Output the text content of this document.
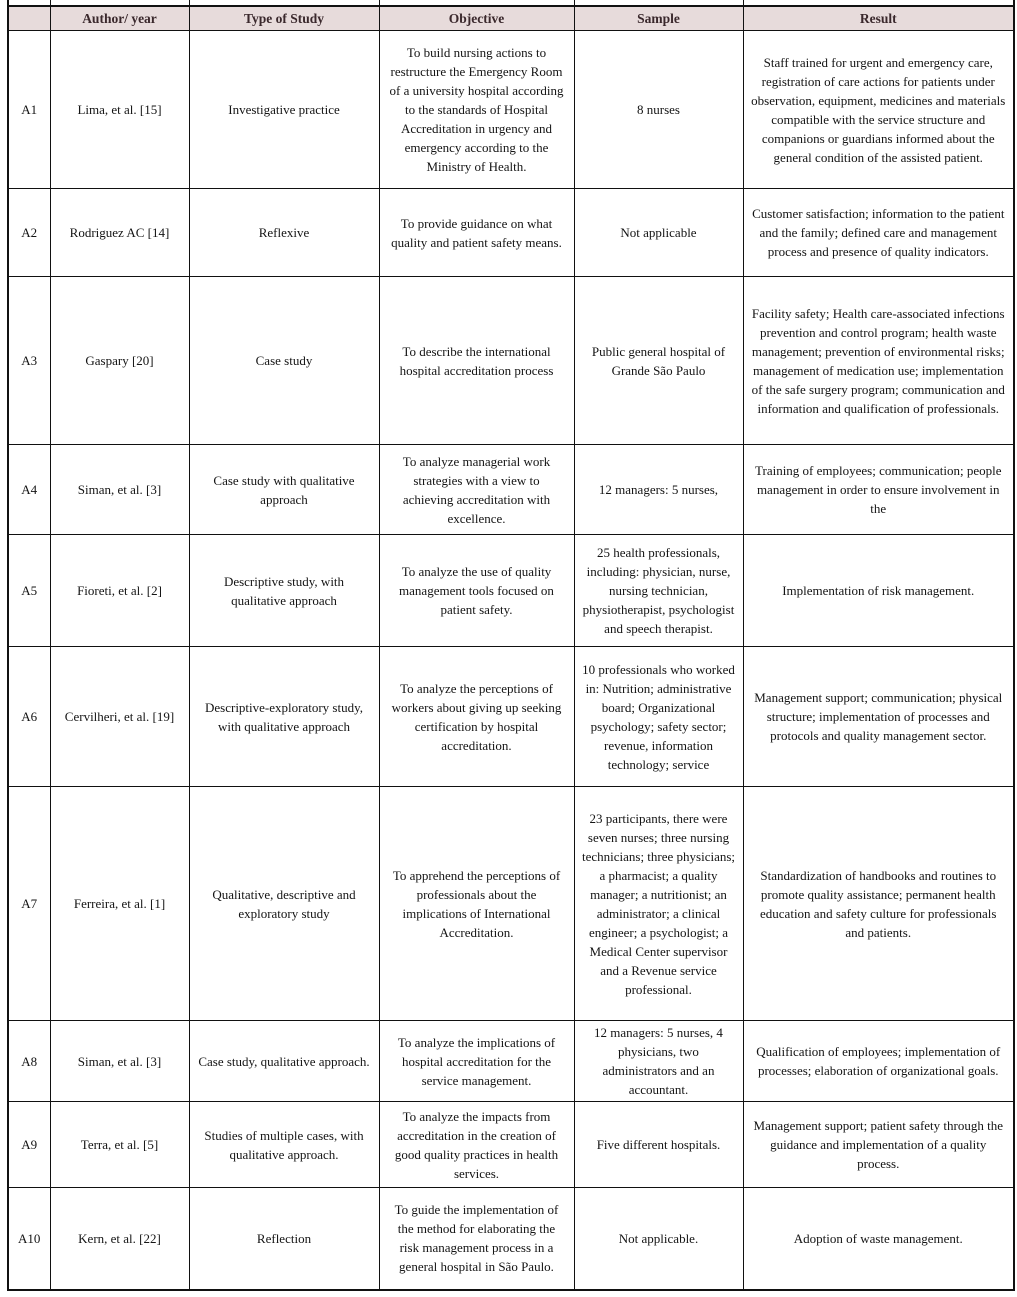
	Author/ year	Type of Study	Objective	Sample	Result
A1	Lima, et al. [15]	Investigative practice	To build nursing actions to restructure the Emergency Room of a university hospital according to the standards of Hospital Accreditation in urgency and emergency according to the Ministry of Health.	8 nurses	Staff trained for urgent and emergency care, registration of care actions for patients under observation, equipment, medicines and materials compatible with the service structure and companions or guardians informed about the general condition of the assisted patient.
A2	Rodriguez AC [14]	Reflexive	To provide guidance on what quality and patient safety means.	Not applicable	Customer satisfaction; information to the patient and the family; defined care and management process and presence of quality indicators.
A3	Gaspary [20]	Case study	To describe the international hospital accreditation process	Public general hospital of Grande São Paulo	Facility safety; Health care-associated infections prevention and control program; health waste management; prevention of environmental risks; management of medication use; implementation of the safe surgery program; communication and information and qualification of professionals.
A4	Siman, et al. [3]	Case study with qualitative approach	To analyze managerial work strategies with a view to achieving accreditation with excellence.	12 managers: 5 nurses,	Training of employees; communication; people management in order to ensure involvement in the
A5	Fioreti, et al. [2]	Descriptive study, with qualitative approach	To analyze the use of quality management tools focused on patient safety.	25 health professionals, including: physician, nurse, nursing technician, physiotherapist, psychologist and speech therapist.	Implementation of risk management.
A6	Cervilheri, et al. [19]	Descriptive-exploratory study, with qualitative approach	To analyze the perceptions of workers about giving up seeking certification by hospital accreditation.	10 professionals who worked in: Nutrition; administrative board; Organizational psychology; safety sector; revenue, information technology; service	Management support; communication; physical structure; implementation of processes and protocols and quality management sector.
A7	Ferreira, et al. [1]	Qualitative, descriptive and exploratory study	To apprehend the perceptions of professionals about the implications of International Accreditation.	23 participants, there were seven nurses; three nursing technicians; three physicians; a pharmacist; a quality manager; a nutritionist; an administrator; a clinical engineer; a psychologist; a Medical Center supervisor and a Revenue service professional.	Standardization of handbooks and routines to promote quality assistance; permanent health education and safety culture for professionals and patients.
A8	Siman, et al. [3]	Case study, qualitative approach.	To analyze the implications of hospital accreditation for the service management.	12 managers: 5 nurses, 4 physicians, two administrators and an accountant.	Qualification of employees; implementation of processes; elaboration of organizational goals.
A9	Terra, et al. [5]	Studies of multiple cases, with qualitative approach.	To analyze the impacts from accreditation in the creation of good quality practices in health services.	Five different hospitals.	Management support; patient safety through the guidance and implementation of a quality process.
A10	Kern, et al. [22]	Reflection	To guide the implementation of the method for elaborating the risk management process in a general hospital in São Paulo.	Not applicable.	Adoption of waste management.
